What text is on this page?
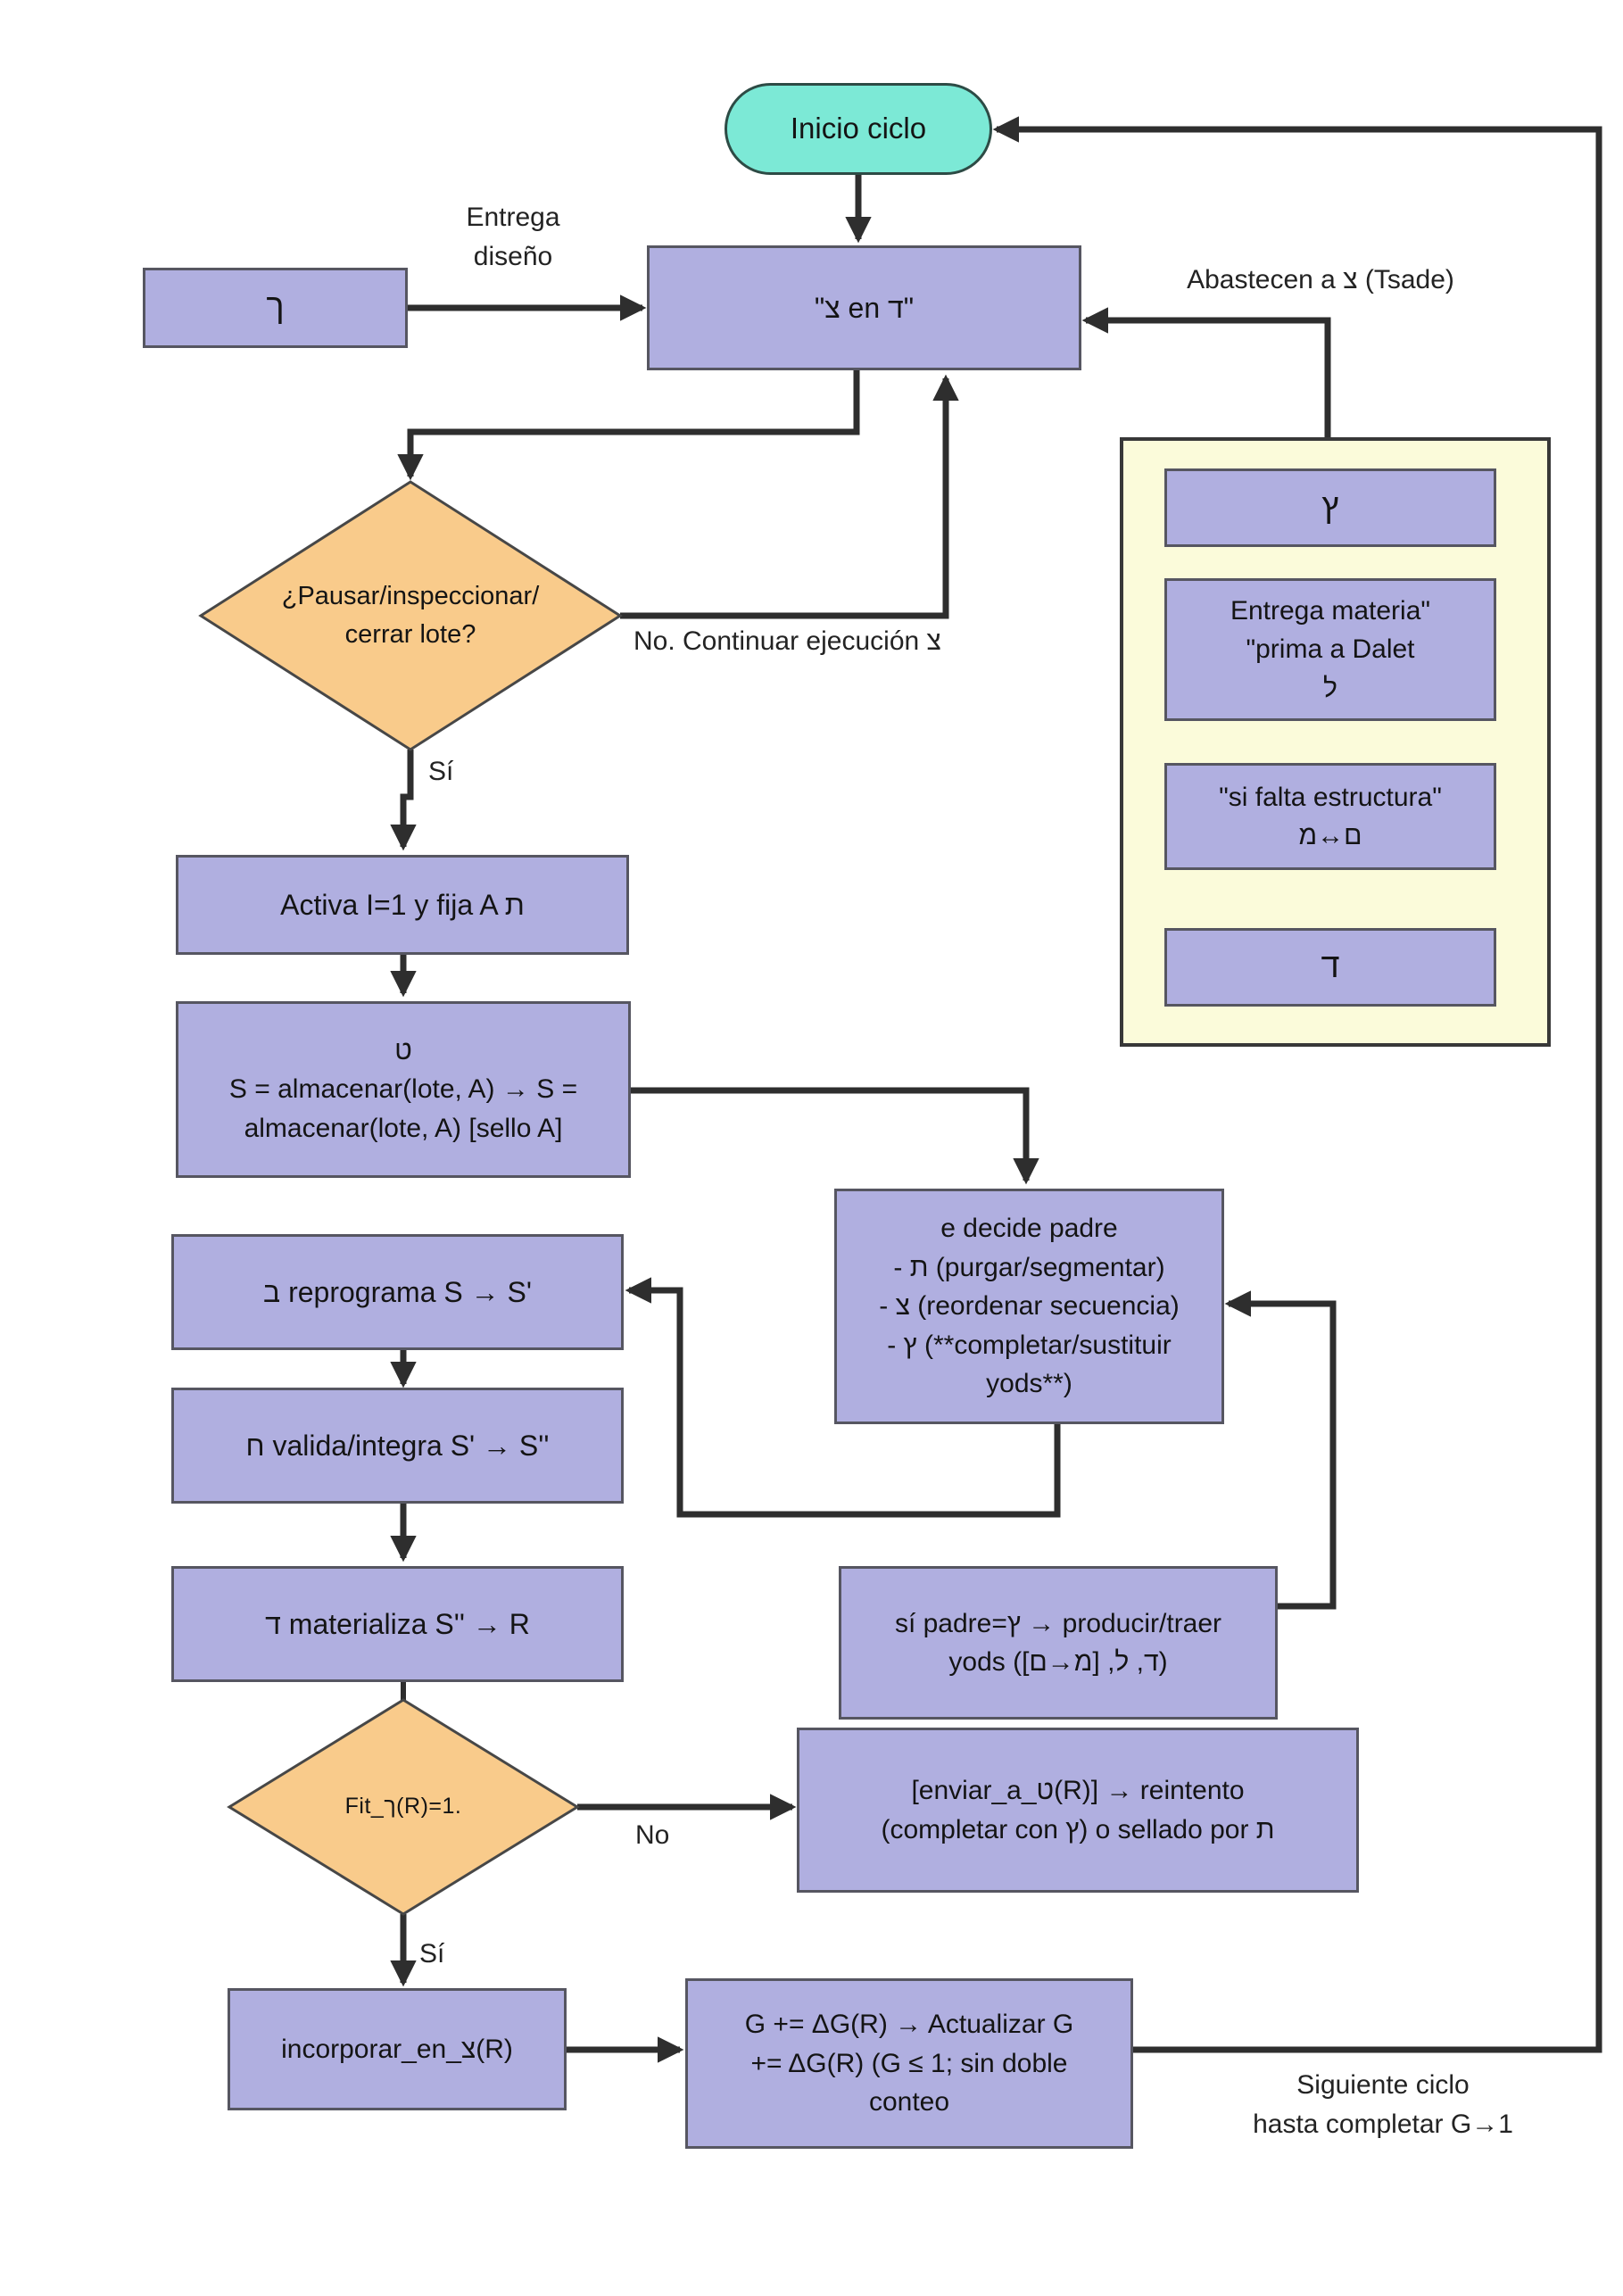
ץ
Entrega materia"
"prima a Dalet
ל
"si falta estructura"
מ↔ם
ד
Inicio ciclo
ך	"צ en ד"
Activa I=1 y fija A ת
ט
S = almacenar(lote, A) → S =
almacenar(lote, A) [sello A]
e decide padre
- ת (purgar/segmentar)
- צ (reordenar secuencia)
- ץ (**completar/sustituir
yods**)
ב reprograma S → S'
ח valida/integra S' → S''
ד materializa S'' → R	sí padre=ץ → producir/traer
yods ([ם→מ] ,ל ,ד)
[enviar_a_ט(R)] → reintento
(completar con ץ) o sellado por ת
incorporar_en_צ(R)
G += ΔG(R) → Actualizar G
+= ΔG(R) (G ≤ 1; sin doble
conteo
¿Pausar/inspeccionar/
cerrar lote?
Fit_ך(R)=1.
Entrega
diseño
Abastecen a צ (Tsade)
No. Continuar ejecución צ
Sí
No
Sí
Siguiente ciclo
hasta completar G→1
